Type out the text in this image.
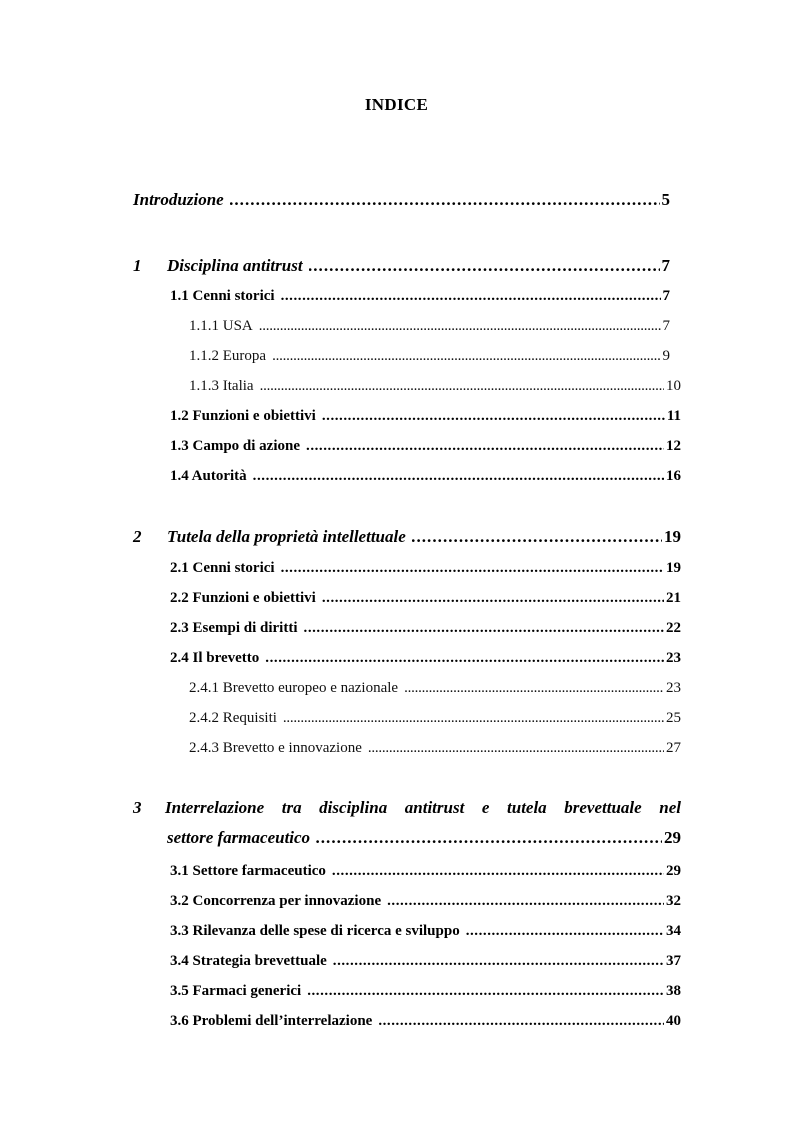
INDICE
Introduzione . . .	5
1 Disciplina antitrust . . .	7
1.1 Cenni storici . . .	7
1.1.1 USA . . .	7
1.1.2 Europa . . .	9
1.1.3 Italia . . .	10
1.2 Funzioni e obiettivi . . .	11
1.3 Campo di azione . . .	12
1.4 Autorità . . .	16
2 Tutela della proprietà intellettuale . . .	19
2.1 Cenni storici . . .	19
2.2 Funzioni e obiettivi . . .	21
2.3 Esempi di diritti . . .	22
2.4 Il brevetto . . .	23
2.4.1 Brevetto europeo e nazionale . . .	23
2.4.2 Requisiti . . .	25
2.4.3 Brevetto e innovazione . . .	27
3 Interrelazione tra disciplina antitrust e tutela brevettuale nel
settore farmaceutico . . .	29
3.1 Settore farmaceutico . . .	29
3.2 Concorrenza per innovazione . . .	32
3.3 Rilevanza delle spese di ricerca e sviluppo . . .	34
3.4 Strategia brevettuale . . .	37
3.5 Farmaci generici . . .	38
3.6 Problemi dell’interrelazione . . .	40
